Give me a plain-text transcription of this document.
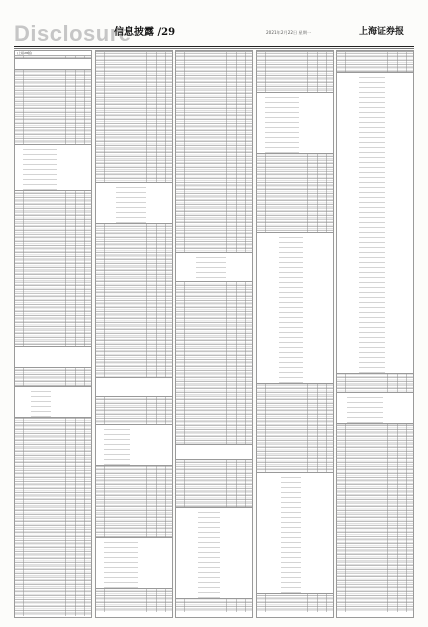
Disclosure
信息披露 /29	2021年2月22日 星期一	上海证券报
(上接28版)
